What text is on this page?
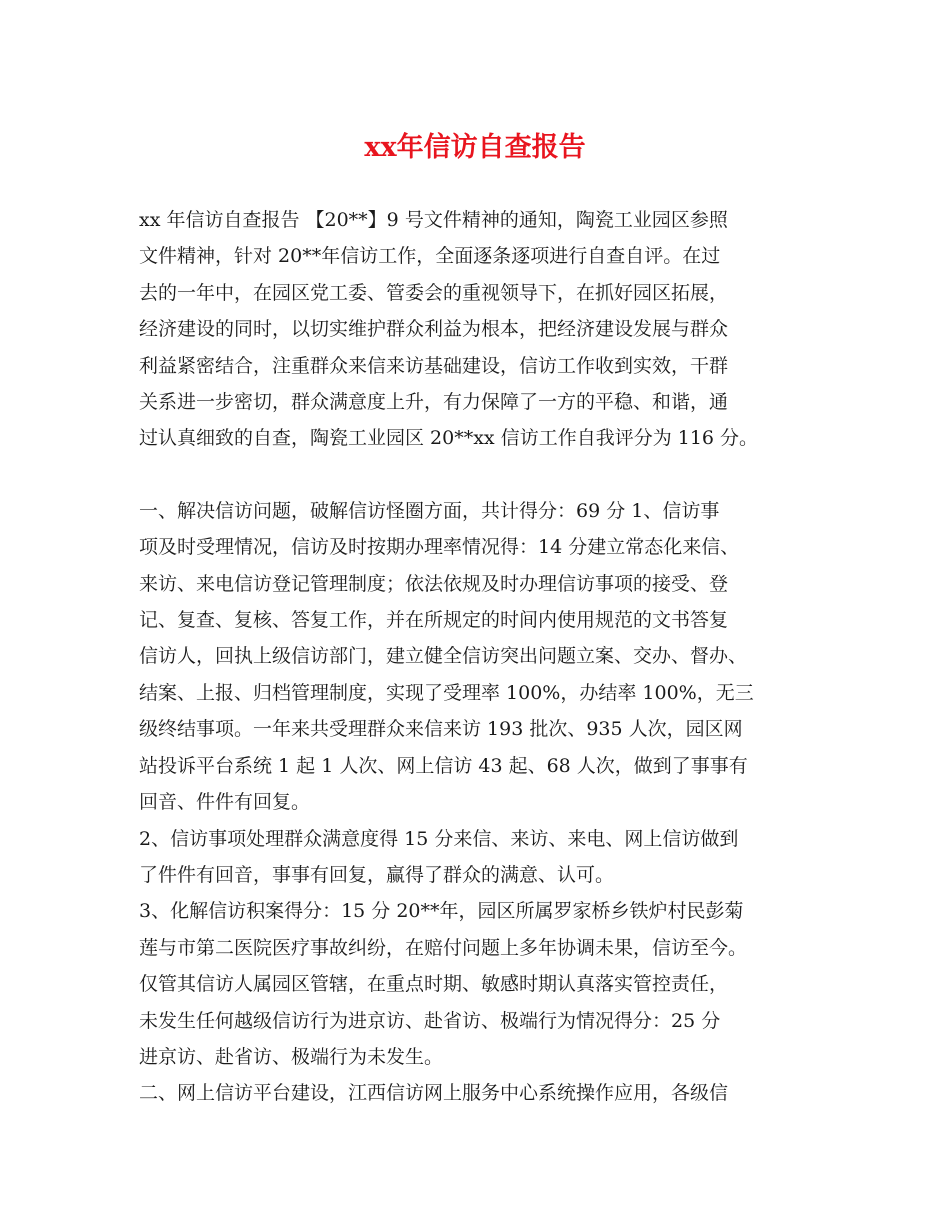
xx年信访自查报告

xx 年信访自查报告 【20**】9 号文件精神的通知，陶瓷工业园区参照
文件精神，针对 20**年信访工作，全面逐条逐项进行自查自评。在过
去的一年中，在园区党工委、管委会的重视领导下，在抓好园区拓展，
经济建设的同时，以切实维护群众利益为根本，把经济建设发展与群众
利益紧密结合，注重群众来信来访基础建设，信访工作收到实效，干群
关系进一步密切，群众满意度上升，有力保障了一方的平稳、和谐，通
过认真细致的自查，陶瓷工业园区 20**xx 信访工作自我评分为 116 分。

一、解决信访问题，破解信访怪圈方面，共计得分：69 分 1、信访事
项及时受理情况，信访及时按期办理率情况得：14 分建立常态化来信、
来访、来电信访登记管理制度；依法依规及时办理信访事项的接受、登
记、复查、复核、答复工作，并在所规定的时间内使用规范的文书答复
信访人，回执上级信访部门，建立健全信访突出问题立案、交办、督办、
结案、上报、归档管理制度，实现了受理率 100%，办结率 100%，无三
级终结事项。一年来共受理群众来信来访 193 批次、935 人次，园区网
站投诉平台系统 1 起 1 人次、网上信访 43 起、68 人次，做到了事事有
回音、件件有回复。

2、信访事项处理群众满意度得 15 分来信、来访、来电、网上信访做到
了件件有回音，事事有回复，赢得了群众的满意、认可。

3、化解信访积案得分：15 分 20**年，园区所属罗家桥乡铁炉村民彭菊
莲与市第二医院医疗事故纠纷，在赔付问题上多年协调未果，信访至今。
仅管其信访人属园区管辖，在重点时期、敏感时期认真落实管控责任，
未发生任何越级信访行为进京访、赴省访、极端行为情况得分：25 分
进京访、赴省访、极端行为未发生。

二、网上信访平台建设，江西信访网上服务中心系统操作应用，各级信
